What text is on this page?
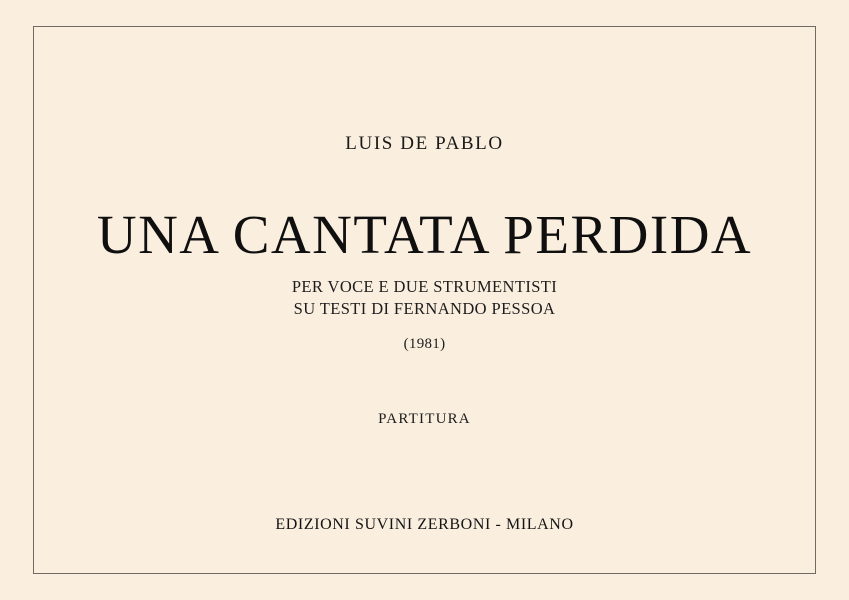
LUIS DE PABLO
UNA CANTATA PERDIDA
PER VOCE E DUE STRUMENTISTI
SU TESTI DI FERNANDO PESSOA
(1981)
PARTITURA
EDIZIONI SUVINI ZERBONI - MILANO
